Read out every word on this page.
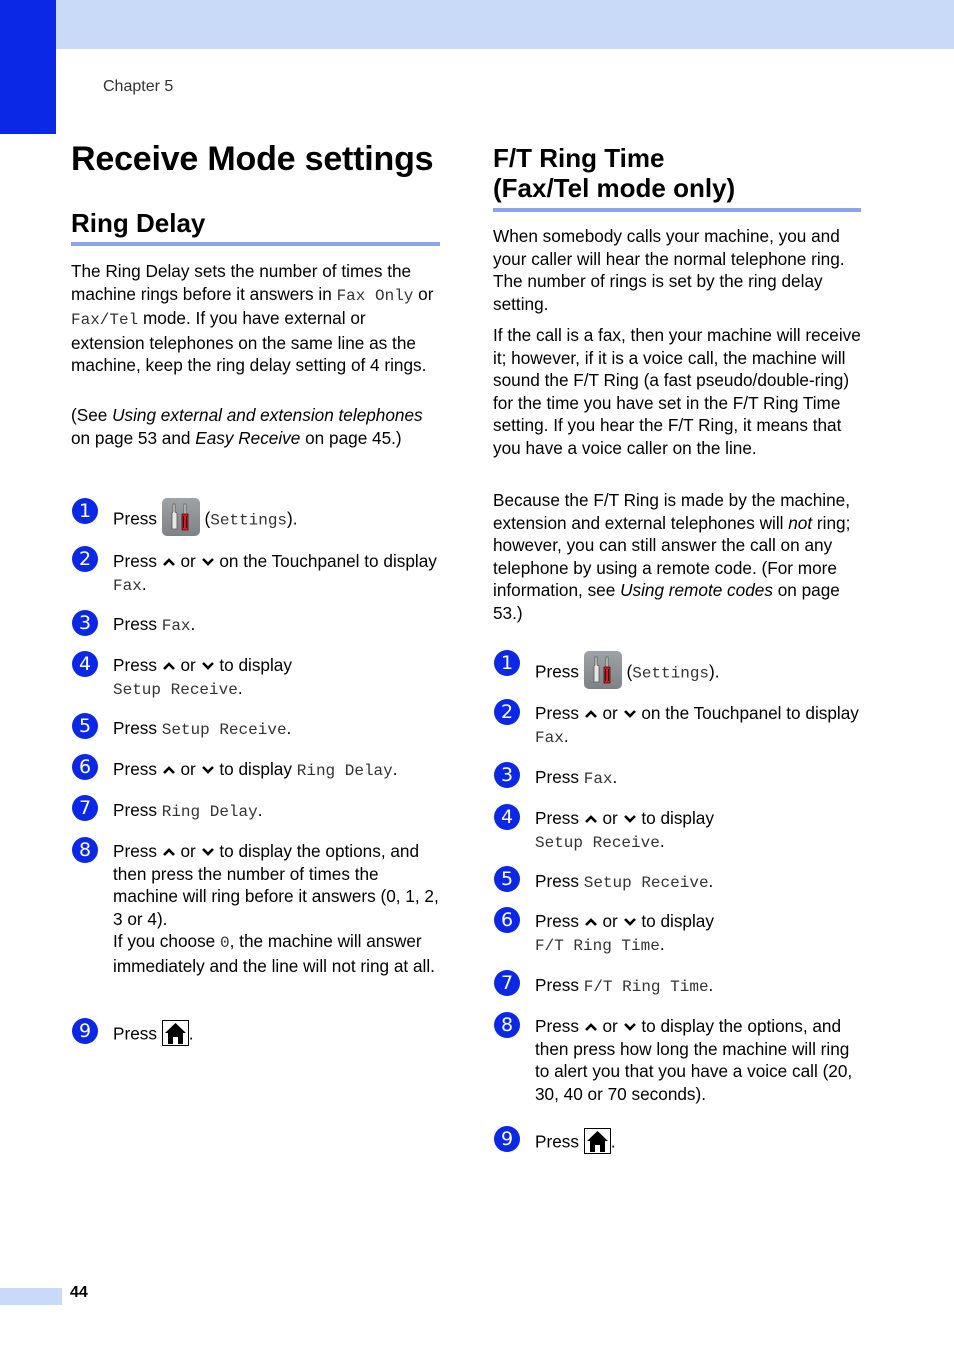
Chapter 5
Receive Mode settings
Ring Delay
The Ring Delay sets the number of times the machine rings before it answers in Fax Only or Fax/Tel mode. If you have external or extension telephones on the same line as the machine, keep the ring delay setting of 4 rings.
(See Using external and extension telephones on page 53 and Easy Receive on page 45.)
1	Press  (Settings).
2	Press  or  on the Touchpanel to display Fax.
3	Press Fax.
4	Press  or  to display
Setup Receive.
5	Press Setup Receive.
6	Press  or  to display Ring Delay.
7	Press Ring Delay.
8	Press  or  to display the options, and then press the number of times the machine will ring before it answers (0, 1, 2, 3 or 4).
If you choose 0, the machine will answer immediately and the line will not ring at all.
9	Press .
F/T Ring Time
(Fax/Tel mode only)
When somebody calls your machine, you and your caller will hear the normal telephone ring. The number of rings is set by the ring delay setting.
If the call is a fax, then your machine will receive it; however, if it is a voice call, the machine will sound the F/T Ring (a fast pseudo/double-ring) for the time you have set in the F/T Ring Time setting. If you hear the F/T Ring, it means that you have a voice caller on the line.
Because the F/T Ring is made by the machine, extension and external telephones will not ring; however, you can still answer the call on any telephone by using a remote code. (For more information, see Using remote codes on page 53.)
1	Press  (Settings).
2	Press  or  on the Touchpanel to display Fax.
3	Press Fax.
4	Press  or  to display
Setup Receive.
5	Press Setup Receive.
6	Press  or  to display
F/T Ring Time.
7	Press F/T Ring Time.
8	Press  or  to display the options, and then press how long the machine will ring to alert you that you have a voice call (20, 30, 40 or 70 seconds).
9	Press .
44
